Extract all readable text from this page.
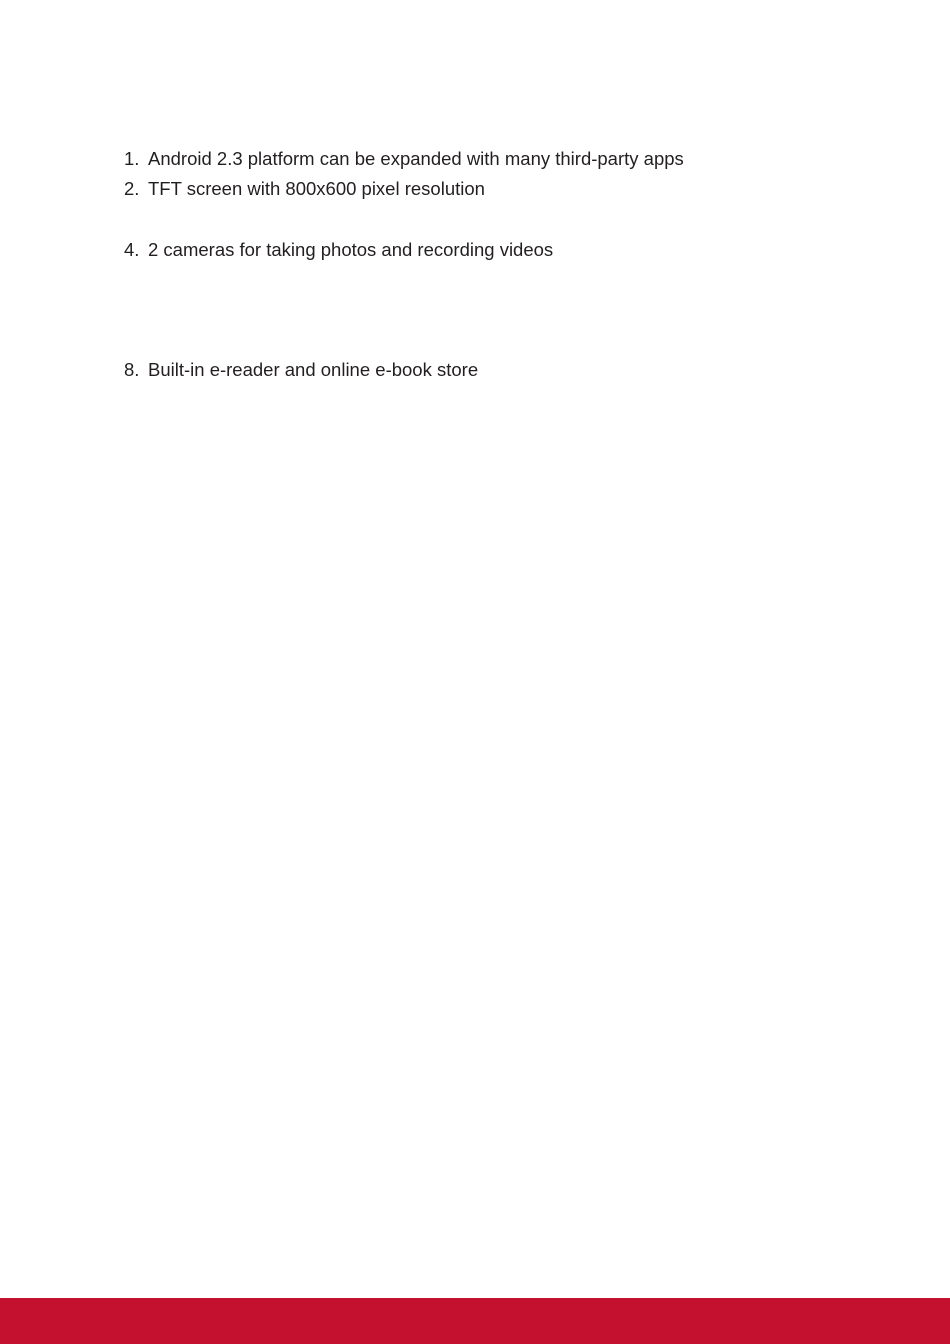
1. Android 2.3 platform can be expanded with many third-party apps
2. TFT screen with 800x600 pixel resolution
4. 2 cameras for taking photos and recording videos
8. Built-in e-reader and online e-book store
